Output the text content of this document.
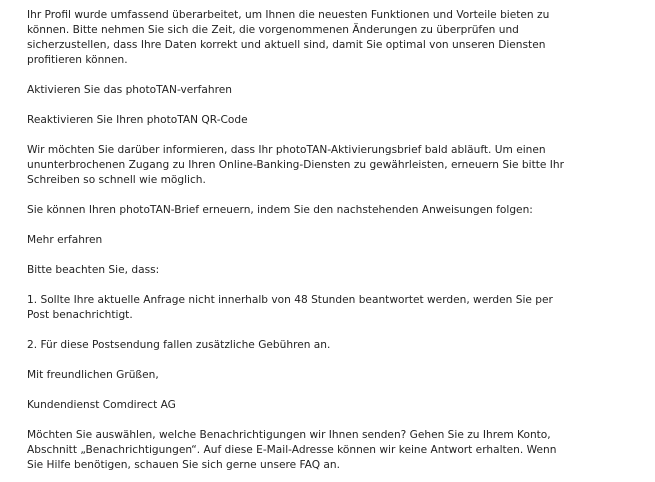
Ihr Profil wurde umfassend überarbeitet, um Ihnen die neuesten Funktionen und Vorteile bieten zu können. Bitte nehmen Sie sich die Zeit, die vorgenommenen Änderungen zu überprüfen und sicherzustellen, dass Ihre Daten korrekt und aktuell sind, damit Sie optimal von unseren Diensten profitieren können.

Aktivieren Sie das photoTAN-verfahren

Reaktivieren Sie Ihren photoTAN QR-Code

Wir möchten Sie darüber informieren, dass Ihr photoTAN-Aktivierungsbrief bald abläuft. Um einen ununterbrochenen Zugang zu Ihren Online-Banking-Diensten zu gewährleisten, erneuern Sie bitte Ihr Schreiben so schnell wie möglich.

Sie können Ihren photoTAN-Brief erneuern, indem Sie den nachstehenden Anweisungen folgen:

Mehr erfahren

Bitte beachten Sie, dass:

1. Sollte Ihre aktuelle Anfrage nicht innerhalb von 48 Stunden beantwortet werden, werden Sie per Post benachrichtigt.

2. Für diese Postsendung fallen zusätzliche Gebühren an.

Mit freundlichen Grüßen,

Kundendienst Comdirect AG

Möchten Sie auswählen, welche Benachrichtigungen wir Ihnen senden? Gehen Sie zu Ihrem Konto, Abschnitt „Benachrichtigungen“. Auf diese E-Mail-Adresse können wir keine Antwort erhalten. Wenn Sie Hilfe benötigen, schauen Sie sich gerne unsere FAQ an.
